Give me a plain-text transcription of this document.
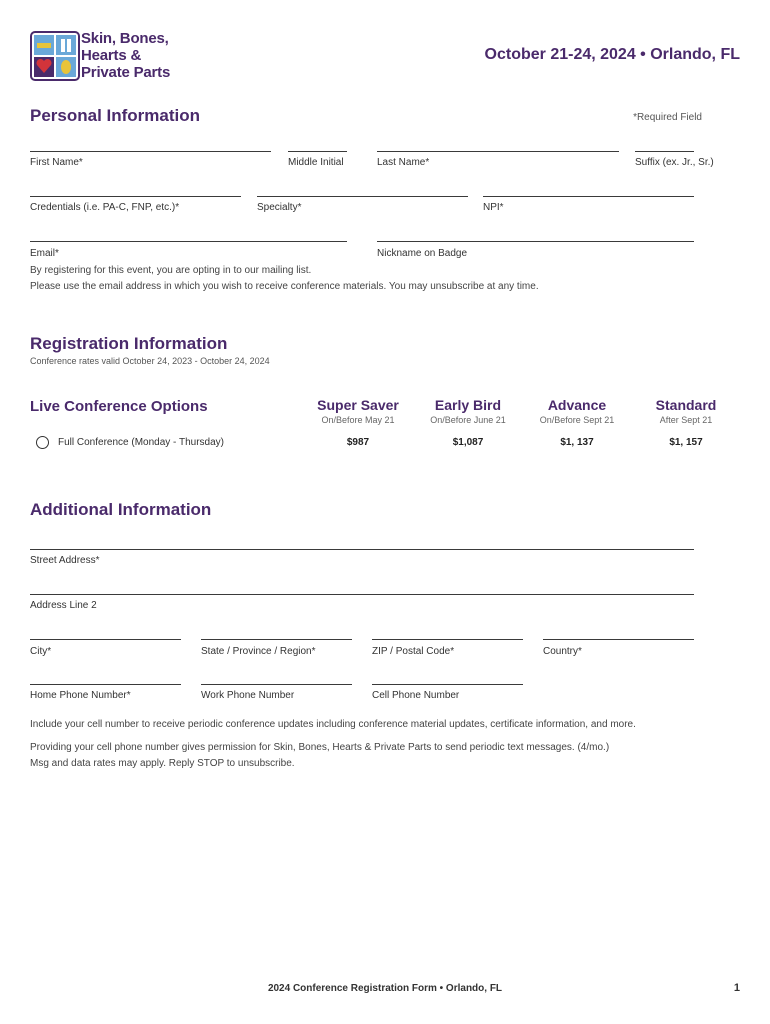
Skin, Bones,
Hearts &
Private Parts
October 21-24, 2024 • Orlando, FL
Personal Information	*Required Field
First Name*	Middle Initial	Last Name*	Suffix (ex. Jr., Sr.)
Credentials (i.e. PA-C, FNP, etc.)*	Specialty*	NPI*
Email*	Nickname on Badge
By registering for this event, you are opting in to our mailing list.
Please use the email address in which you wish to receive conference materials. You may unsubscribe at any time.
Registration Information
Conference rates valid October 24, 2023 - October 24, 2024
Live Conference Options	Super Saver	Early Bird	Advance	Standard
On/Before May 21	On/Before June 21	On/Before Sept 21	After Sept 21
Full Conference (Monday - Thursday)	$987	$1,087	$1, 137	$1, 157
Additional Information
Street Address*
Address Line 2
City*	State / Province / Region*	ZIP / Postal Code*	Country*
Home Phone Number*	Work Phone Number	Cell Phone Number
Include your cell number to receive periodic conference updates including conference material updates, certificate information, and more.
Providing your cell phone number gives permission for Skin, Bones, Hearts & Private Parts to send periodic text messages. (4/mo.)
Msg and data rates may apply. Reply STOP to unsubscribe.
2024 Conference Registration Form • Orlando, FL	1
